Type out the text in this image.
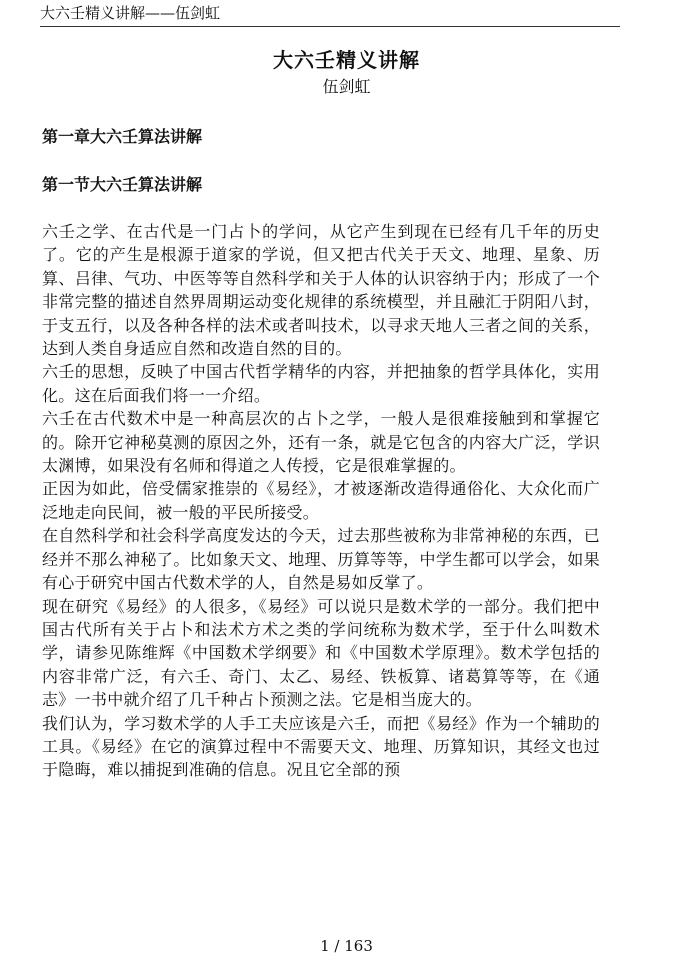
大六壬精义讲解——伍剑虹
大六壬精义讲解
伍剑虹
第一章大六壬算法讲解
第一节大六壬算法讲解

六壬之学、在古代是一门占卜的学问，从它产生到现在已经有几千年的历史了。它的产生是根源于道家的学说，但又把古代关于天文、地理、星象、历算、吕律、气功、中医等等自然科学和关于人体的认识容纳于内；形成了一个非常完整的描述自然界周期运动变化规律的系统模型，并且融汇于阴阳八封，于支五行，以及各种各样的法术或者叫技术，以寻求天地人三者之间的关系，达到人类自身适应自然和改造自然的目的。

六壬的思想，反映了中国古代哲学精华的内容，并把抽象的哲学具体化，实用化。这在后面我们将一一介绍。

六壬在古代数术中是一种高层次的占卜之学，一般人是很难接触到和掌握它的。除开它神秘莫测的原因之外，还有一条，就是它包含的内容大广泛，学识太渊博，如果没有名师和得道之人传授，它是很难掌握的。

正因为如此，倍受儒家推崇的《易经》，才被逐渐改造得通俗化、大众化而广泛地走向民间，被一般的平民所接受。

在自然科学和社会科学高度发达的今天，过去那些被称为非常神秘的东西，已经并不那么神秘了。比如象天文、地理、历算等等，中学生都可以学会，如果有心于研究中国古代数术学的人，自然是易如反掌了。

现在研究《易经》的人很多，《易经》可以说只是数术学的一部分。我们把中国古代所有关于占卜和法术方术之类的学问统称为数术学，至于什么叫数术学，请参见陈维辉《中国数术学纲要》和《中国数术学原理》。数术学包括的内容非常广泛，有六壬、奇门、太乙、易经、铁板算、诸葛算等等，在《通志》一书中就介绍了几千种占卜预测之法。它是相当庞大的。

我们认为，学习数术学的人手工夫应该是六壬，而把《易经》作为一个辅助的工具。《易经》在它的演算过程中不需要天文、地理、历算知识，其经文也过于隐晦，难以捕捉到准确的信息。况且它全部的预

1 / 163
